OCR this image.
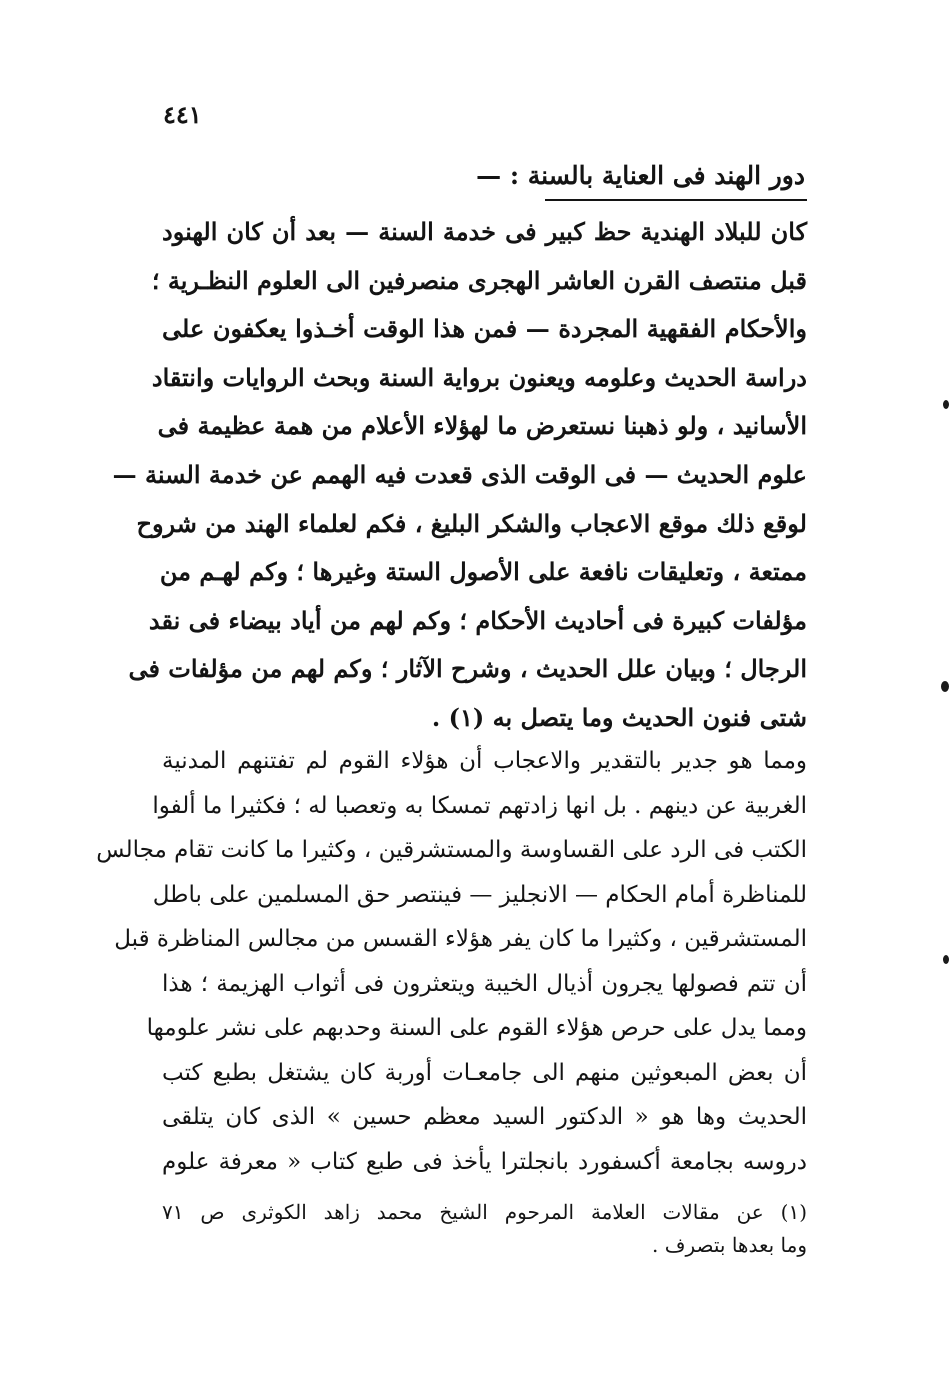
٤٤١
دور الهند فى العناية بالسنة : —
كان للبلاد الهندية حظ كبير فى خدمة السنة — بعد أن كان الهنود
قبل منتصف القرن العاشر الهجرى منصرفين الى العلوم النظـرية ؛
والأحكام الفقهية المجردة — فمن هذا الوقت أخـذوا يعكفون على
دراسة الحديث وعلومه ويعنون برواية السنة وبحث الروايات وانتقاد
الأسانيد ، ولو ذهبنا نستعرض ما لهؤلاء الأعلام من همة عظيمة فى
علوم الحديث — فى الوقت الذى قعدت فيه الهمم عن خدمة السنة —
لوقع ذلك موقع الاعجاب والشكر البليغ ، فكم لعلماء الهند من شروح
ممتعة ، وتعليقات نافعة على الأصول الستة وغيرها ؛ وكم لهـم من
مؤلفات كبيرة فى أحاديث الأحكام ؛ وكم لهم من أياد بيضاء فى نقد
الرجال ؛ وبيان علل الحديث ، وشرح الآثار ؛ وكم لهم من مؤلفات فى
شتى فنون الحديث وما يتصل به (١) .
ومما هو جدير بالتقدير والاعجاب أن هؤلاء القوم لم تفتنهم المدنية
الغربية عن دينهم . بل انها زادتهم تمسكا به وتعصبا له ؛ فكثيرا ما ألفوا
الكتب فى الرد على القساوسة والمستشرقين ، وكثيرا ما كانت تقام مجالس
للمناظرة أمام الحكام — الانجليز — فينتصر حق المسلمين على باطل
المستشرقين ، وكثيرا ما كان يفر هؤلاء القسس من مجالس المناظرة قبل
أن تتم فصولها يجرون أذيال الخيبة ويتعثرون فى أثواب الهزيمة ؛ هذا
ومما يدل على حرص هؤلاء القوم على السنة وحدبهم على نشر علومها
أن بعض المبعوثين منهم الى جامعـات أوربة كان يشتغل بطبع كتب
الحديث وها هو « الدكتور السيد معظم حسين » الذى كان يتلقى
دروسه بجامعة أكسفورد بانجلترا يأخذ فى طبع كتاب « معرفة علوم
(١) عن مقالات العلامة المرحوم الشيخ محمد زاهد الكوثرى ص ٧١
وما بعدها بتصرف .
